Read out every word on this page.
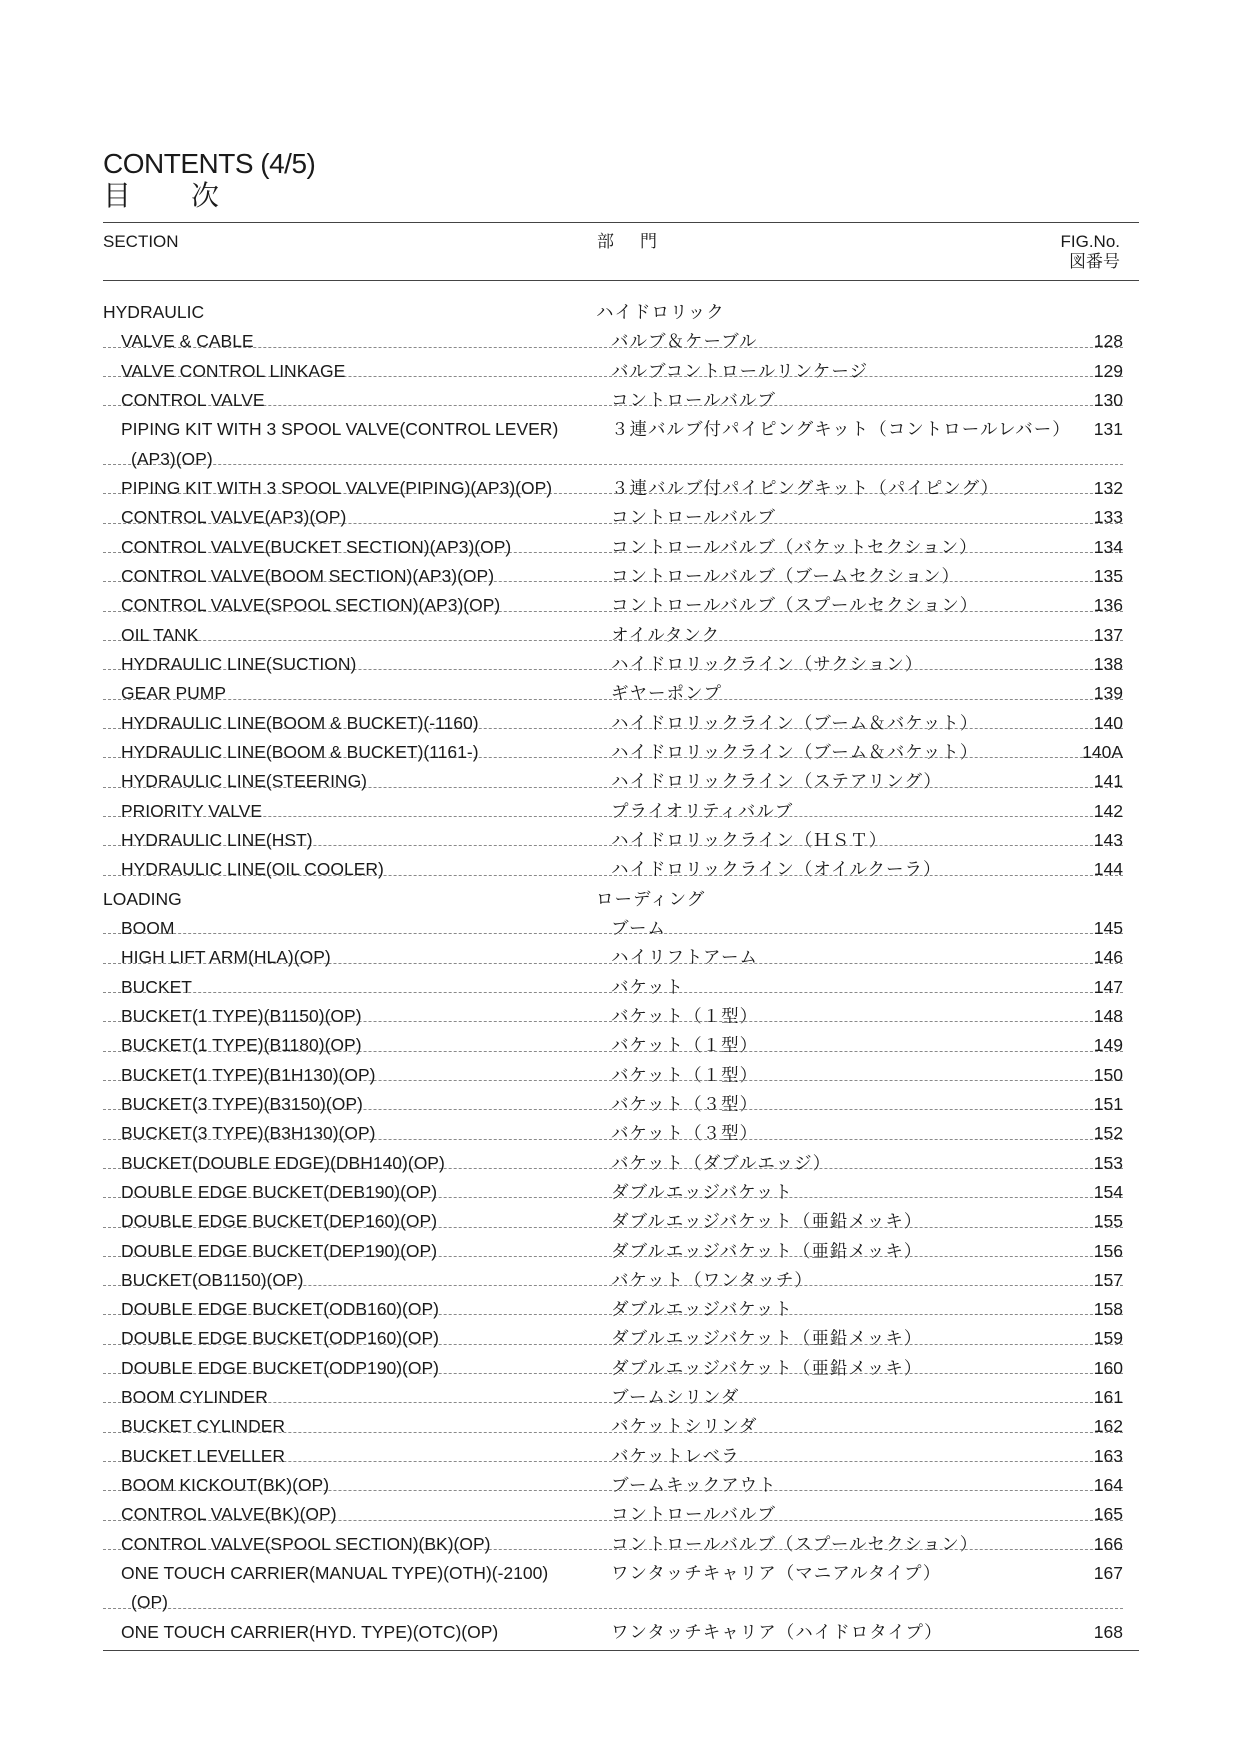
CONTENTS (4/5)
目次
SECTION	部門	FIG.No.
図番号
HYDRAULIC	ハイドロリック
VALVE & CABLE	バルブ＆ケーブル	128
VALVE CONTROL LINKAGE	バルブコントロールリンケージ	129
CONTROL VALVE	コントロールバルブ	130
PIPING KIT WITH 3 SPOOL VALVE(CONTROL LEVER)
(AP3)(OP)
３連バルブ付パイピングキット（コントロールレバー） 131
PIPING KIT WITH 3 SPOOL VALVE(PIPING)(AP3)(OP)	３連バルブ付パイピングキット（パイピング）	132
CONTROL VALVE(AP3)(OP)	コントロールバルブ	133
CONTROL VALVE(BUCKET SECTION)(AP3)(OP)	コントロールバルブ（バケットセクション）	134
CONTROL VALVE(BOOM SECTION)(AP3)(OP)	コントロールバルブ（ブームセクション）	135
CONTROL VALVE(SPOOL SECTION)(AP3)(OP)	コントロールバルブ（スプールセクション）	136
OIL TANK	オイルタンク	137
HYDRAULIC LINE(SUCTION)	ハイドロリックライン（サクション）	138
GEAR PUMP	ギヤーポンプ	139
HYDRAULIC LINE(BOOM & BUCKET)(-1160)	ハイドロリックライン（ブーム＆バケット）	140
HYDRAULIC LINE(BOOM & BUCKET)(1161-)	ハイドロリックライン（ブーム＆バケット）	140A
HYDRAULIC LINE(STEERING)	ハイドロリックライン（ステアリング）	141
PRIORITY VALVE	プライオリティバルブ	142
HYDRAULIC LINE(HST)	ハイドロリックライン（ＨＳＴ）	143
HYDRAULIC LINE(OIL COOLER)	ハイドロリックライン（オイルクーラ）	144
LOADING	ローディング
BOOM	ブーム	145
HIGH LIFT ARM(HLA)(OP)	ハイリフトアーム	146
BUCKET	バケット	147
BUCKET(1 TYPE)(B1150)(OP)	バケット（１型）	148
BUCKET(1 TYPE)(B1180)(OP)	バケット（１型）	149
BUCKET(1 TYPE)(B1H130)(OP)	バケット（１型）	150
BUCKET(3 TYPE)(B3150)(OP)	バケット（３型）	151
BUCKET(3 TYPE)(B3H130)(OP)	バケット（３型）	152
BUCKET(DOUBLE EDGE)(DBH140)(OP)	バケット（ダブルエッジ）	153
DOUBLE EDGE BUCKET(DEB190)(OP)	ダブルエッジバケット	154
DOUBLE EDGE BUCKET(DEP160)(OP)	ダブルエッジバケット（亜鉛メッキ）	155
DOUBLE EDGE BUCKET(DEP190)(OP)	ダブルエッジバケット（亜鉛メッキ）	156
BUCKET(OB1150)(OP)	バケット（ワンタッチ）	157
DOUBLE EDGE BUCKET(ODB160)(OP)	ダブルエッジバケット	158
DOUBLE EDGE BUCKET(ODP160)(OP)	ダブルエッジバケット（亜鉛メッキ）	159
DOUBLE EDGE BUCKET(ODP190)(OP)	ダブルエッジバケット（亜鉛メッキ）	160
BOOM CYLINDER	ブームシリンダ	161
BUCKET CYLINDER	バケットシリンダ	162
BUCKET LEVELLER	バケットレベラ	163
BOOM KICKOUT(BK)(OP)	ブームキックアウト	164
CONTROL VALVE(BK)(OP)	コントロールバルブ	165
CONTROL VALVE(SPOOL SECTION)(BK)(OP)	コントロールバルブ（スプールセクション）	166
ONE TOUCH CARRIER(MANUAL TYPE)(OTH)(-2100)
(OP)
ワンタッチキャリア（マニアルタイプ）	167
ONE TOUCH CARRIER(HYD. TYPE)(OTC)(OP)	ワンタッチキャリア（ハイドロタイプ）	168
